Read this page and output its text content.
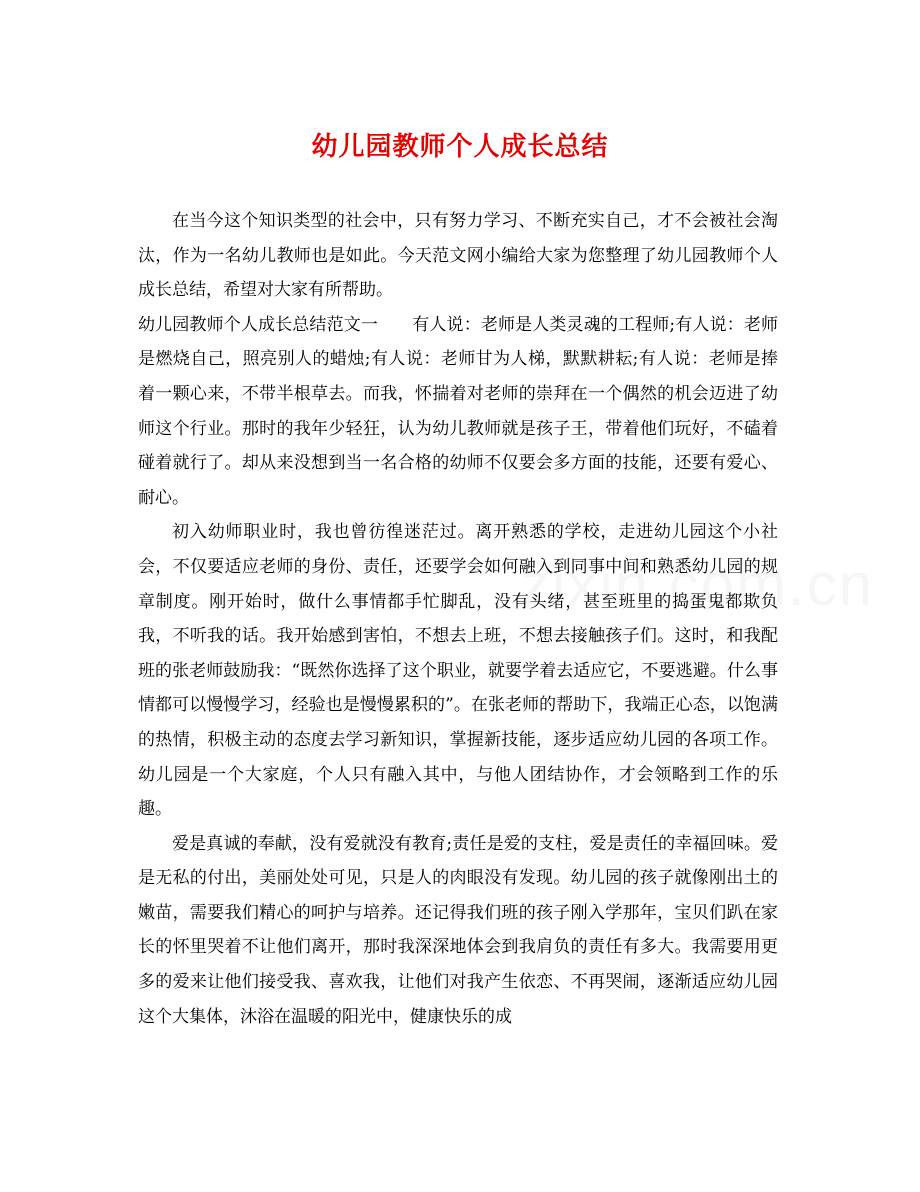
幼儿园教师个人成长总结

在当今这个知识类型的社会中，只有努力学习、不断充实自己，才不会被社会淘汰，作为一名幼儿教师也是如此。今天范文网小编给大家为您整理了幼儿园教师个人成长总结，希望对大家有所帮助。

幼儿园教师个人成长总结范文一　　有人说：老师是人类灵魂的工程师;有人说：老师是燃烧自己，照亮别人的蜡烛;有人说：老师甘为人梯，默默耕耘;有人说：老师是捧着一颗心来，不带半根草去。而我，怀揣着对老师的崇拜在一个偶然的机会迈进了幼师这个行业。那时的我年少轻狂，认为幼儿教师就是孩子王，带着他们玩好，不磕着碰着就行了。却从来没想到当一名合格的幼师不仅要会多方面的技能，还要有爱心、耐心。

初入幼师职业时，我也曾彷徨迷茫过。离开熟悉的学校，走进幼儿园这个小社会，不仅要适应老师的身份、责任，还要学会如何融入到同事中间和熟悉幼儿园的规章制度。刚开始时，做什么事情都手忙脚乱，没有头绪，甚至班里的捣蛋鬼都欺负我，不听我的话。我开始感到害怕，不想去上班，不想去接触孩子们。这时，和我配班的张老师鼓励我：“既然你选择了这个职业，就要学着去适应它，不要逃避。什么事情都可以慢慢学习，经验也是慢慢累积的”。在张老师的帮助下，我端正心态，以饱满的热情，积极主动的态度去学习新知识，掌握新技能，逐步适应幼儿园的各项工作。幼儿园是一个大家庭，个人只有融入其中，与他人团结协作，才会领略到工作的乐趣。

爱是真诚的奉献，没有爱就没有教育;责任是爱的支柱，爱是责任的幸福回味。爱是无私的付出，美丽处处可见，只是人的肉眼没有发现。幼儿园的孩子就像刚出土的嫩苗，需要我们精心的呵护与培养。还记得我们班的孩子刚入学那年，宝贝们趴在家长的怀里哭着不让他们离开，那时我深深地体会到我肩负的责任有多大。我需要用更多的爱来让他们接受我、喜欢我，让他们对我产生依恋、不再哭闹，逐渐适应幼儿园这个大集体，沐浴在温暖的阳光中，健康快乐的成
